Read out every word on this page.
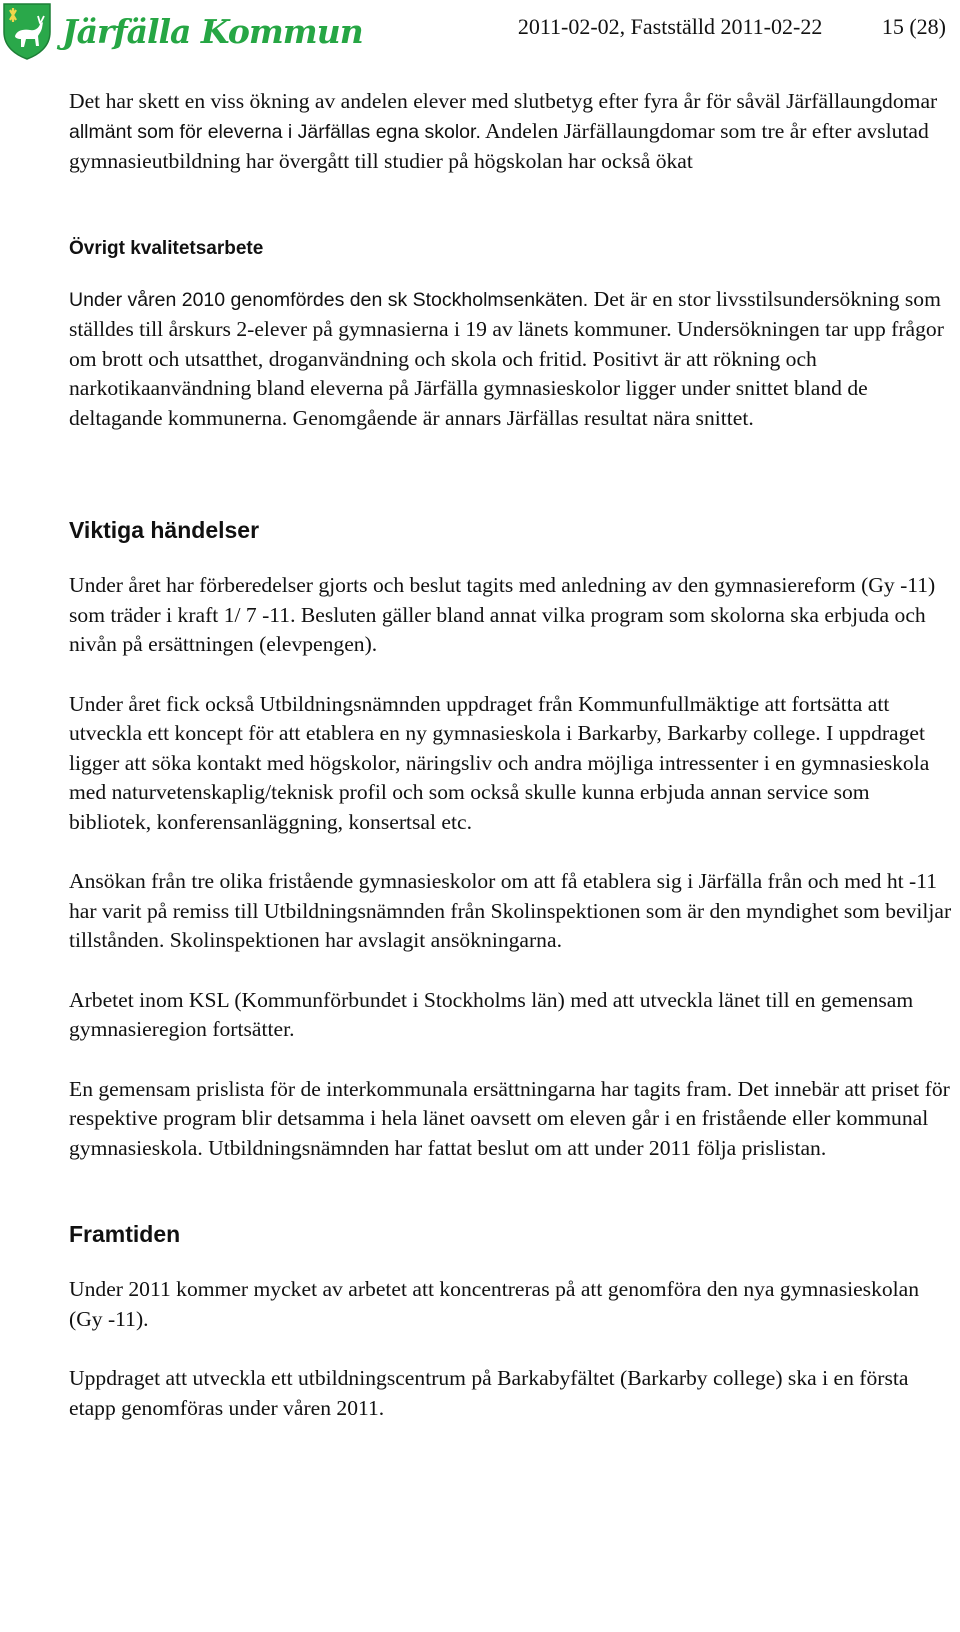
Järfälla Kommun	2011-02-02, Fastställd 2011-02-22	15 (28)

Det har skett en viss ökning av andelen elever med slutbetyg efter fyra år för såväl Järfällaungdomar allmänt som för eleverna i Järfällas egna skolor. Andelen Järfällaungdomar som tre år efter avslutad gymnasieutbildning har övergått till studier på högskolan har också ökat

Övrigt kvalitetsarbete

Under våren 2010 genomfördes den sk Stockholmsenkäten. Det är en stor livsstilsundersökning som ställdes till årskurs 2-elever på gymnasierna i 19 av länets kommuner. Undersökningen tar upp frågor om brott och utsatthet, droganvändning och skola och fritid. Positivt är att rökning och narkotikaanvändning bland eleverna på Järfälla gymnasieskolor ligger under snittet bland de deltagande kommunerna. Genomgående är annars Järfällas resultat nära snittet.

Viktiga händelser

Under året har förberedelser gjorts och beslut tagits med anledning av den gymnasiereform (Gy -11) som träder i kraft 1/ 7 -11. Besluten gäller bland annat vilka program som skolorna ska erbjuda och nivån på ersättningen (elevpengen).

Under året fick också Utbildningsnämnden uppdraget från Kommunfullmäktige att fortsätta att utveckla ett koncept för att etablera en ny gymnasieskola i Barkarby, Barkarby college. I uppdraget ligger att söka kontakt med högskolor, näringsliv och andra möjliga intressenter i en gymnasieskola med naturvetenskaplig/teknisk profil och som också skulle kunna erbjuda annan service som bibliotek, konferensanläggning, konsertsal etc.

Ansökan från tre olika fristående gymnasieskolor om att få etablera sig i Järfälla från och med ht -11 har varit på remiss till Utbildningsnämnden från Skolinspektionen som är den myndighet som beviljar tillstånden. Skolinspektionen har avslagit ansökningarna.

Arbetet inom KSL (Kommunförbundet i Stockholms län) med att utveckla länet till en gemensam gymnasieregion fortsätter.

En gemensam prislista för de interkommunala ersättningarna har tagits fram. Det innebär att priset för respektive program blir detsamma i hela länet oavsett om eleven går i en fristående eller kommunal gymnasieskola. Utbildningsnämnden har fattat beslut om att under 2011 följa prislistan.

Framtiden

Under 2011 kommer mycket av arbetet att koncentreras på att genomföra den nya gymnasieskolan (Gy -11).

Uppdraget att utveckla ett utbildningscentrum på Barkabyfältet (Barkarby college) ska i en första etapp genomföras under våren 2011.
